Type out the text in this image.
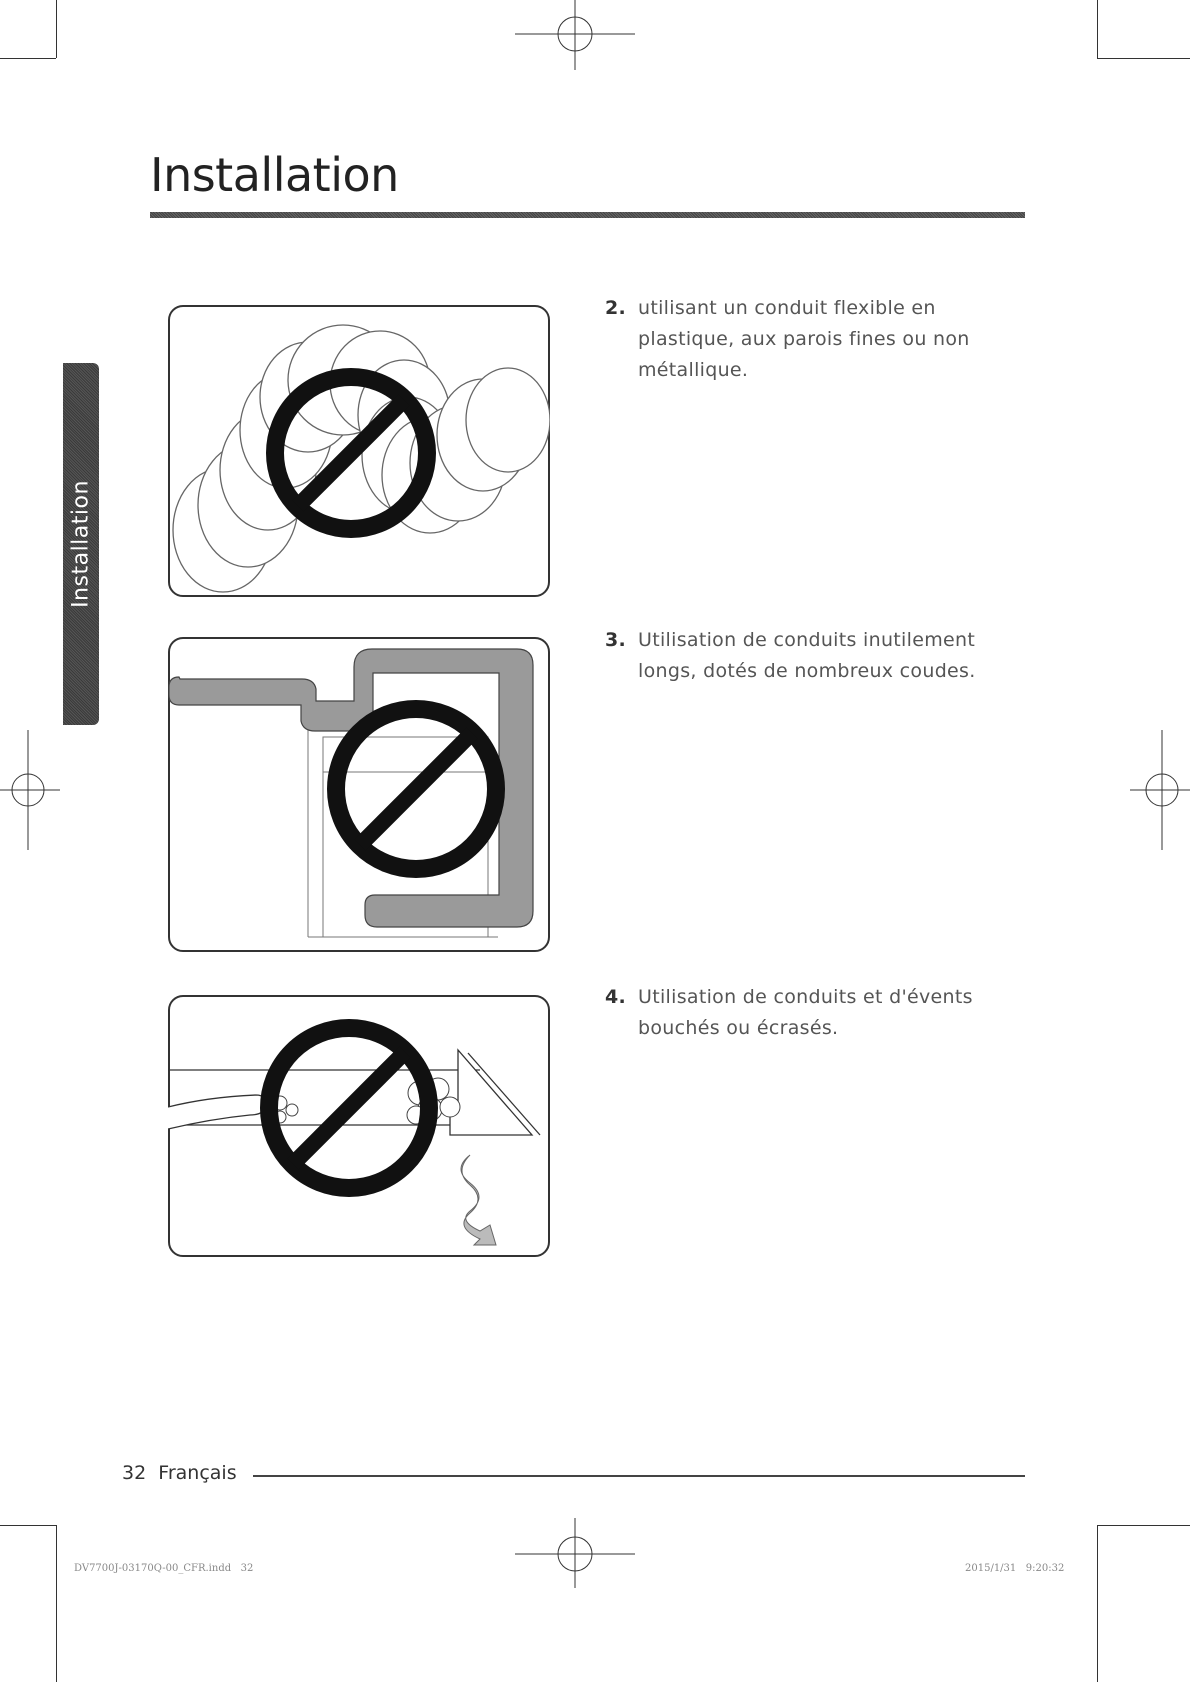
Installation
Installation
2. utilisant un conduit flexible en plastique, aux parois fines ou non métallique.
3. Utilisation de conduits inutilement longs, dotés de nombreux coudes.
4. Utilisation de conduits et d'évents bouchés ou écrasés.
32 Français
DV7700J-03170Q-00_CFR.indd   32	2015/1/31   9:20:32
